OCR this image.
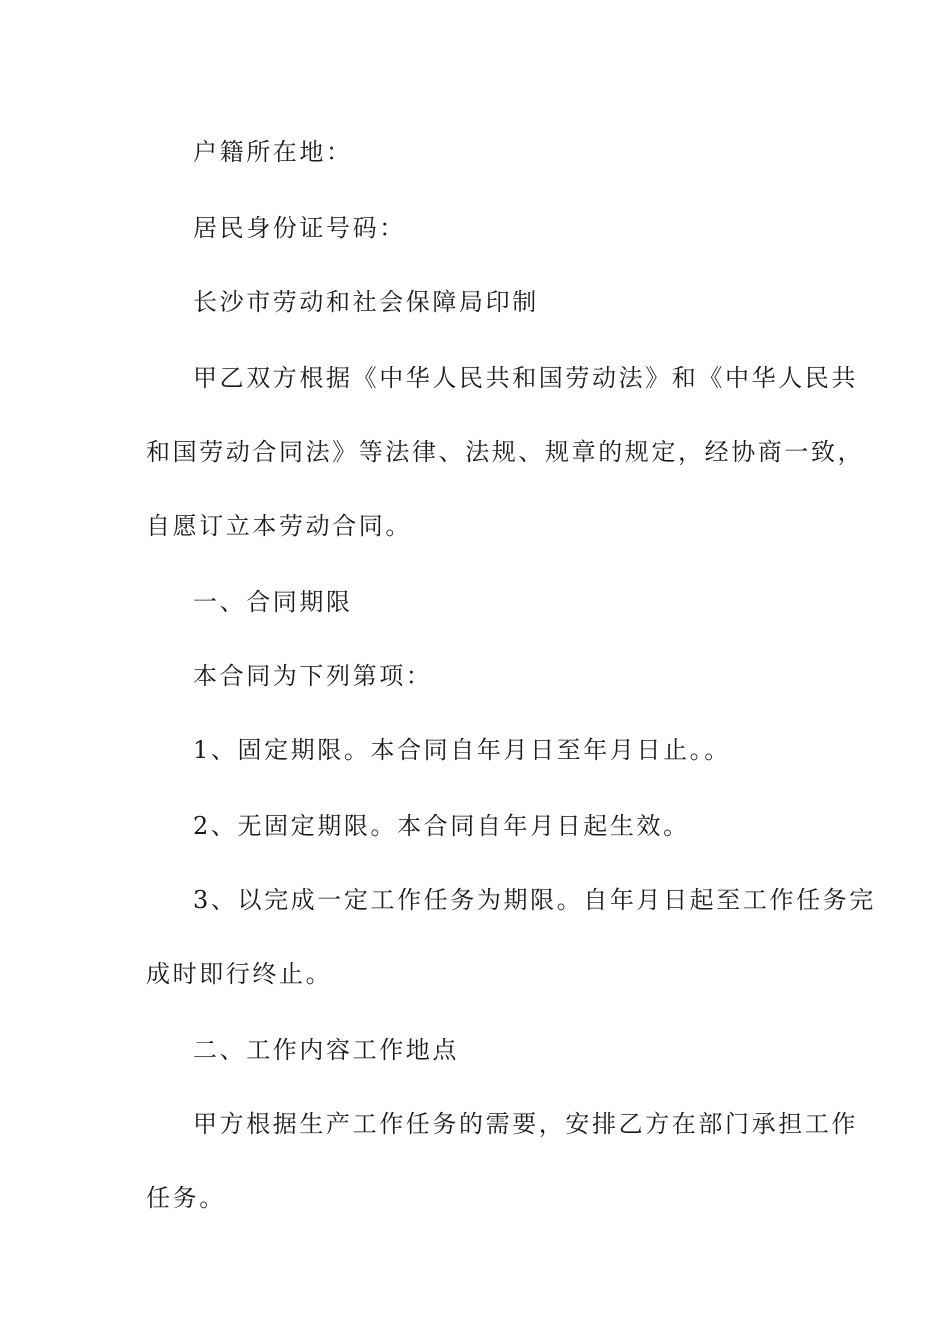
户籍所在地：

居民身份证号码：

长沙市劳动和社会保障局印制

甲乙双方根据《中华人民共和国劳动法》和《中华人民共

和国劳动合同法》等法律、法规、规章的规定，经协商一致，

自愿订立本劳动合同。

一、合同期限

本合同为下列第项：

1、固定期限。本合同自年月日至年月日止。。

2、无固定期限。本合同自年月日起生效。

3、以完成一定工作任务为期限。自年月日起至工作任务完

成时即行终止。

二、工作内容工作地点

甲方根据生产工作任务的需要，安排乙方在部门承担工作

任务。
